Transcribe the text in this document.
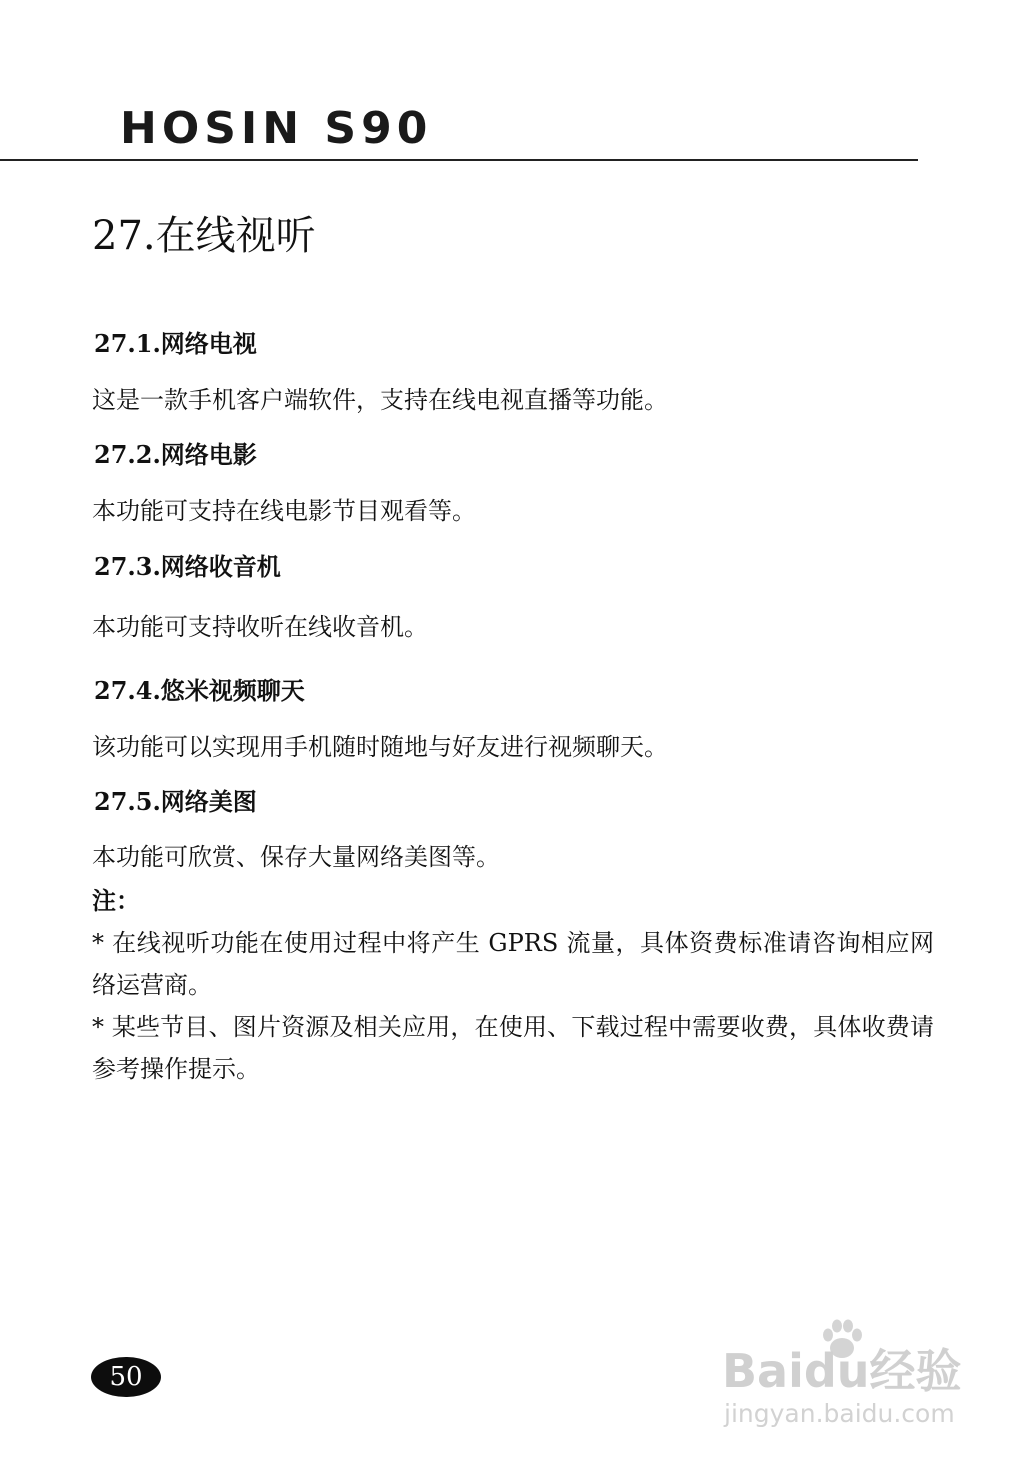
HOSIN S90
27.在线视听
27.1.网络电视
这是一款手机客户端软件，支持在线电视直播等功能。
27.2.网络电影
本功能可支持在线电影节目观看等。
27.3.网络收音机
本功能可支持收听在线收音机。
27.4.悠米视频聊天
该功能可以实现用手机随时随地与好友进行视频聊天。
27.5.网络美图
本功能可欣赏、保存大量网络美图等。
注：
* 在线视听功能在使用过程中将产生 GPRS 流量，具体资费标准请咨询相应网络运营商。
* 某些节目、图片资源及相关应用，在使用、下载过程中需要收费，具体收费请参考操作提示。
50	Baidu经验
jingyan.baidu.com
